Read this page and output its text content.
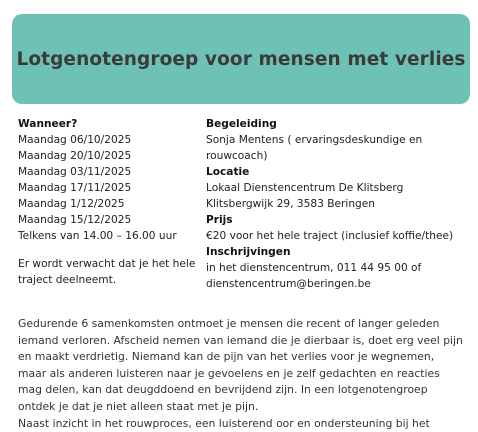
Lotgenotengroep voor mensen met verlies
Wanneer?
Maandag 06/10/2025
Maandag 20/10/2025
Maandag 03/11/2025
Maandag 17/11/2025
Maandag 1/12/2025
Maandag 15/12/2025
Telkens van 14.00 – 16.00 uur
Er wordt verwacht dat je het hele
traject deelneemt.
Begeleiding
Sonja Mentens ( ervaringsdeskundige en
rouwcoach)
Locatie
Lokaal Dienstencentrum De Klitsberg
Klitsbergwijk 29, 3583 Beringen
Prijs
€20 voor het hele traject (inclusief koffie/thee)
Inschrijvingen
in het dienstencentrum, 011 44 95 00 of
dienstencentrum@beringen.be

Gedurende 6 samenkomsten ontmoet je mensen die recent of langer geleden iemand verloren. Afscheid nemen van iemand die je dierbaar is, doet erg veel pijn en maakt verdrietig. Niemand kan de pijn van het verlies voor je wegnemen, maar als anderen luisteren naar je gevoelens en je zelf gedachten en reacties mag delen, kan dat deugddoend en bevrijdend zijn. In een lotgenotengroep ontdek je dat je niet alleen staat met je pijn.

Naast inzicht in het rouwproces, een luisterend oor en ondersteuning bij het
